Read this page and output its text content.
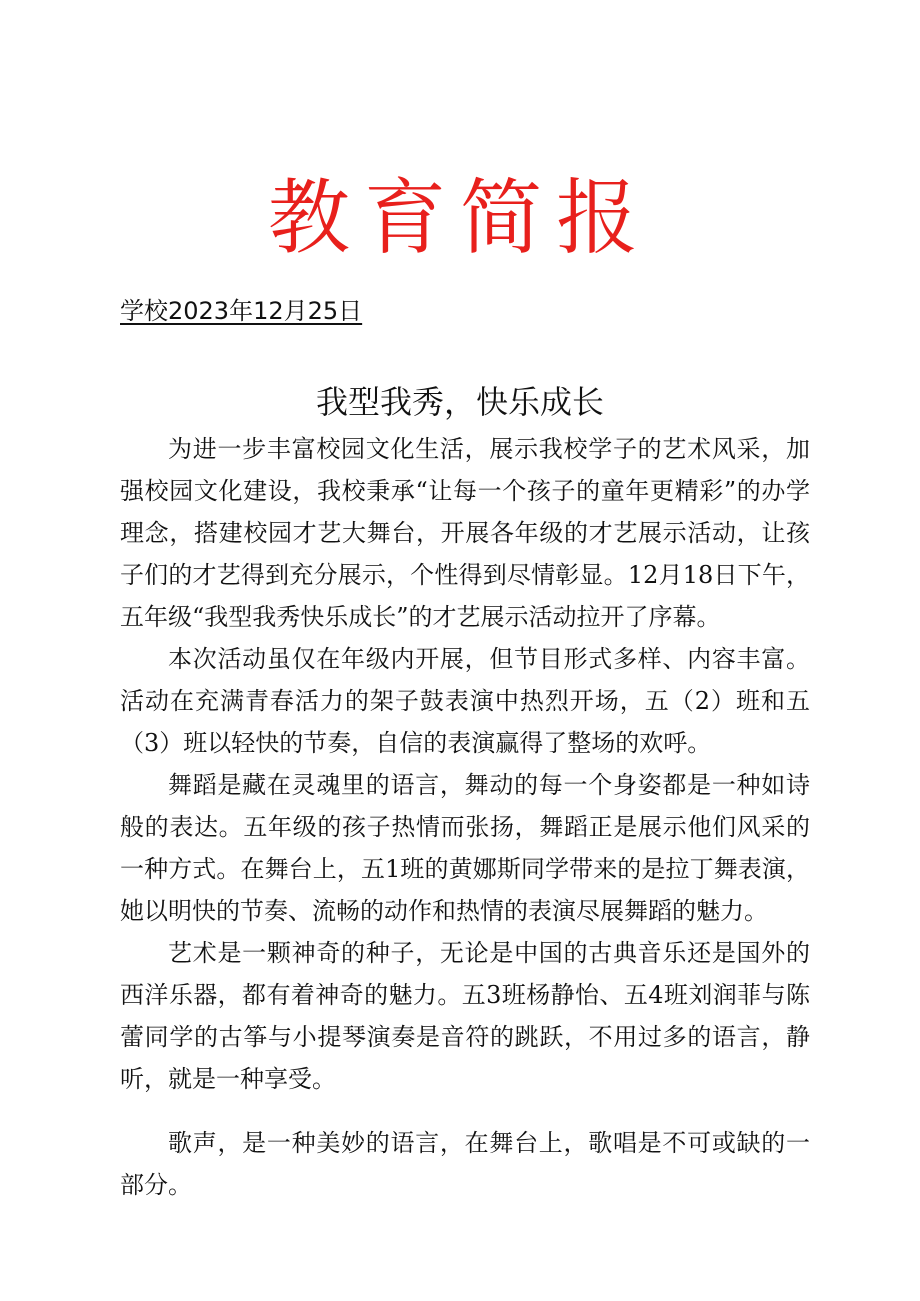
教育简报
学校2023年12月25日
我型我秀，快乐成长

为进一步丰富校园文化生活，展示我校学子的艺术风采，加强校园文化建设，我校秉承“让每一个孩子的童年更精彩”的办学理念，搭建校园才艺大舞台，开展各年级的才艺展示活动，让孩子们的才艺得到充分展示，个性得到尽情彰显。12月18日下午，五年级“我型我秀快乐成长”的才艺展示活动拉开了序幕。

本次活动虽仅在年级内开展，但节目形式多样、内容丰富。活动在充满青春活力的架子鼓表演中热烈开场，五（2）班和五（3）班以轻快的节奏，自信的表演赢得了整场的欢呼。

舞蹈是藏在灵魂里的语言，舞动的每一个身姿都是一种如诗般的表达。五年级的孩子热情而张扬，舞蹈正是展示他们风采的一种方式。在舞台上，五1班的黄娜斯同学带来的是拉丁舞表演，她以明快的节奏、流畅的动作和热情的表演尽展舞蹈的魅力。

艺术是一颗神奇的种子，无论是中国的古典音乐还是国外的西洋乐器，都有着神奇的魅力。五3班杨静怡、五4班刘润菲与陈蕾同学的古筝与小提琴演奏是音符的跳跃，不用过多的语言，静听，就是一种享受。

歌声，是一种美妙的语言，在舞台上，歌唱是不可或缺的一部分。
